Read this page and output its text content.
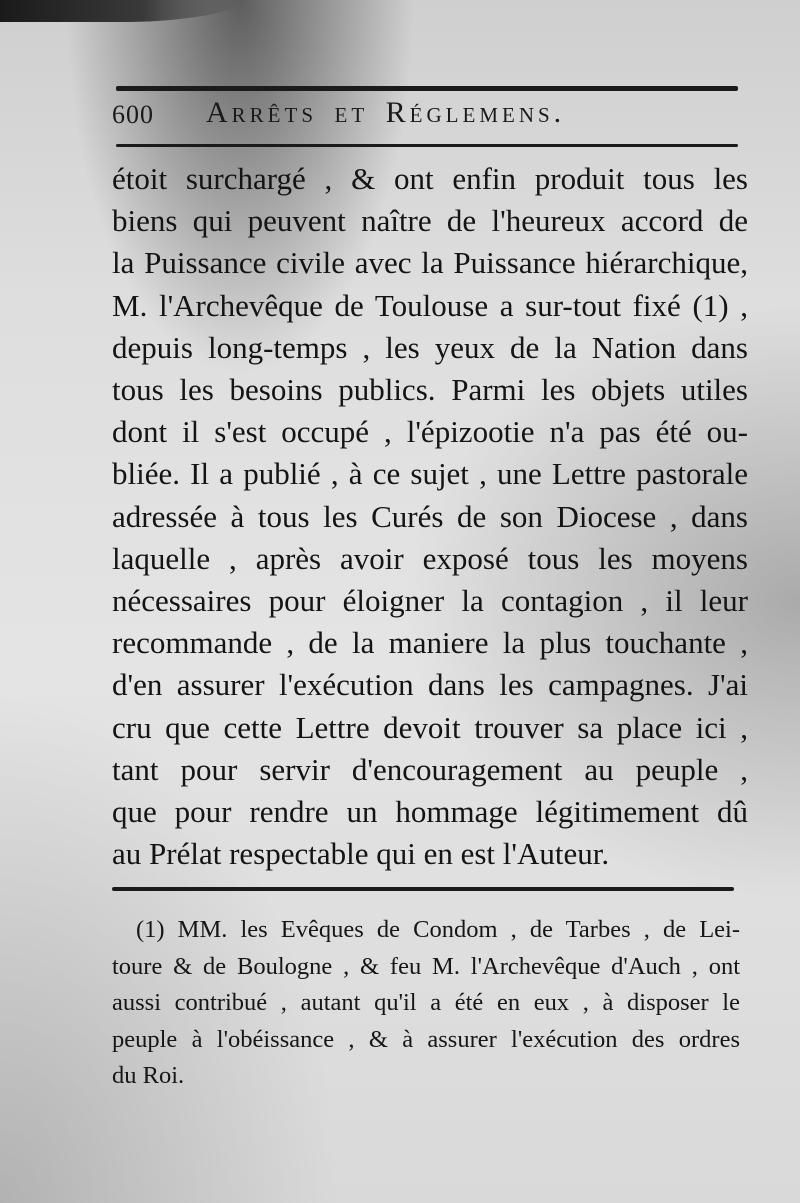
600 Arrêts et Réglemens.
étoit surchargé , & ont enfin produit tous les
biens qui peuvent naître de l'heureux accord de
la Puissance civile avec la Puissance hiérarchique,
M. l'Archevêque de Toulouse a sur-tout fixé (1) ,
depuis long-temps , les yeux de la Nation dans
tous les besoins publics. Parmi les objets utiles
dont il s'est occupé , l'épizootie n'a pas été ou-
bliée. Il a publié , à ce sujet , une Lettre pastorale
adressée à tous les Curés de son Diocese , dans
laquelle , après avoir exposé tous les moyens
nécessaires pour éloigner la contagion , il leur
recommande , de la maniere la plus touchante ,
d'en assurer l'exécution dans les campagnes. J'ai
cru que cette Lettre devoit trouver sa place ici ,
tant pour servir d'encouragement au peuple ,
que pour rendre un hommage légitimement dû
au Prélat respectable qui en est l'Auteur.
(1) MM. les Evêques de Condom , de Tarbes , de Lei-
toure & de Boulogne , & feu M. l'Archevêque d'Auch , ont
aussi contribué , autant qu'il a été en eux , à disposer le
peuple à l'obéissance , & à assurer l'exécution des ordres
du Roi.
